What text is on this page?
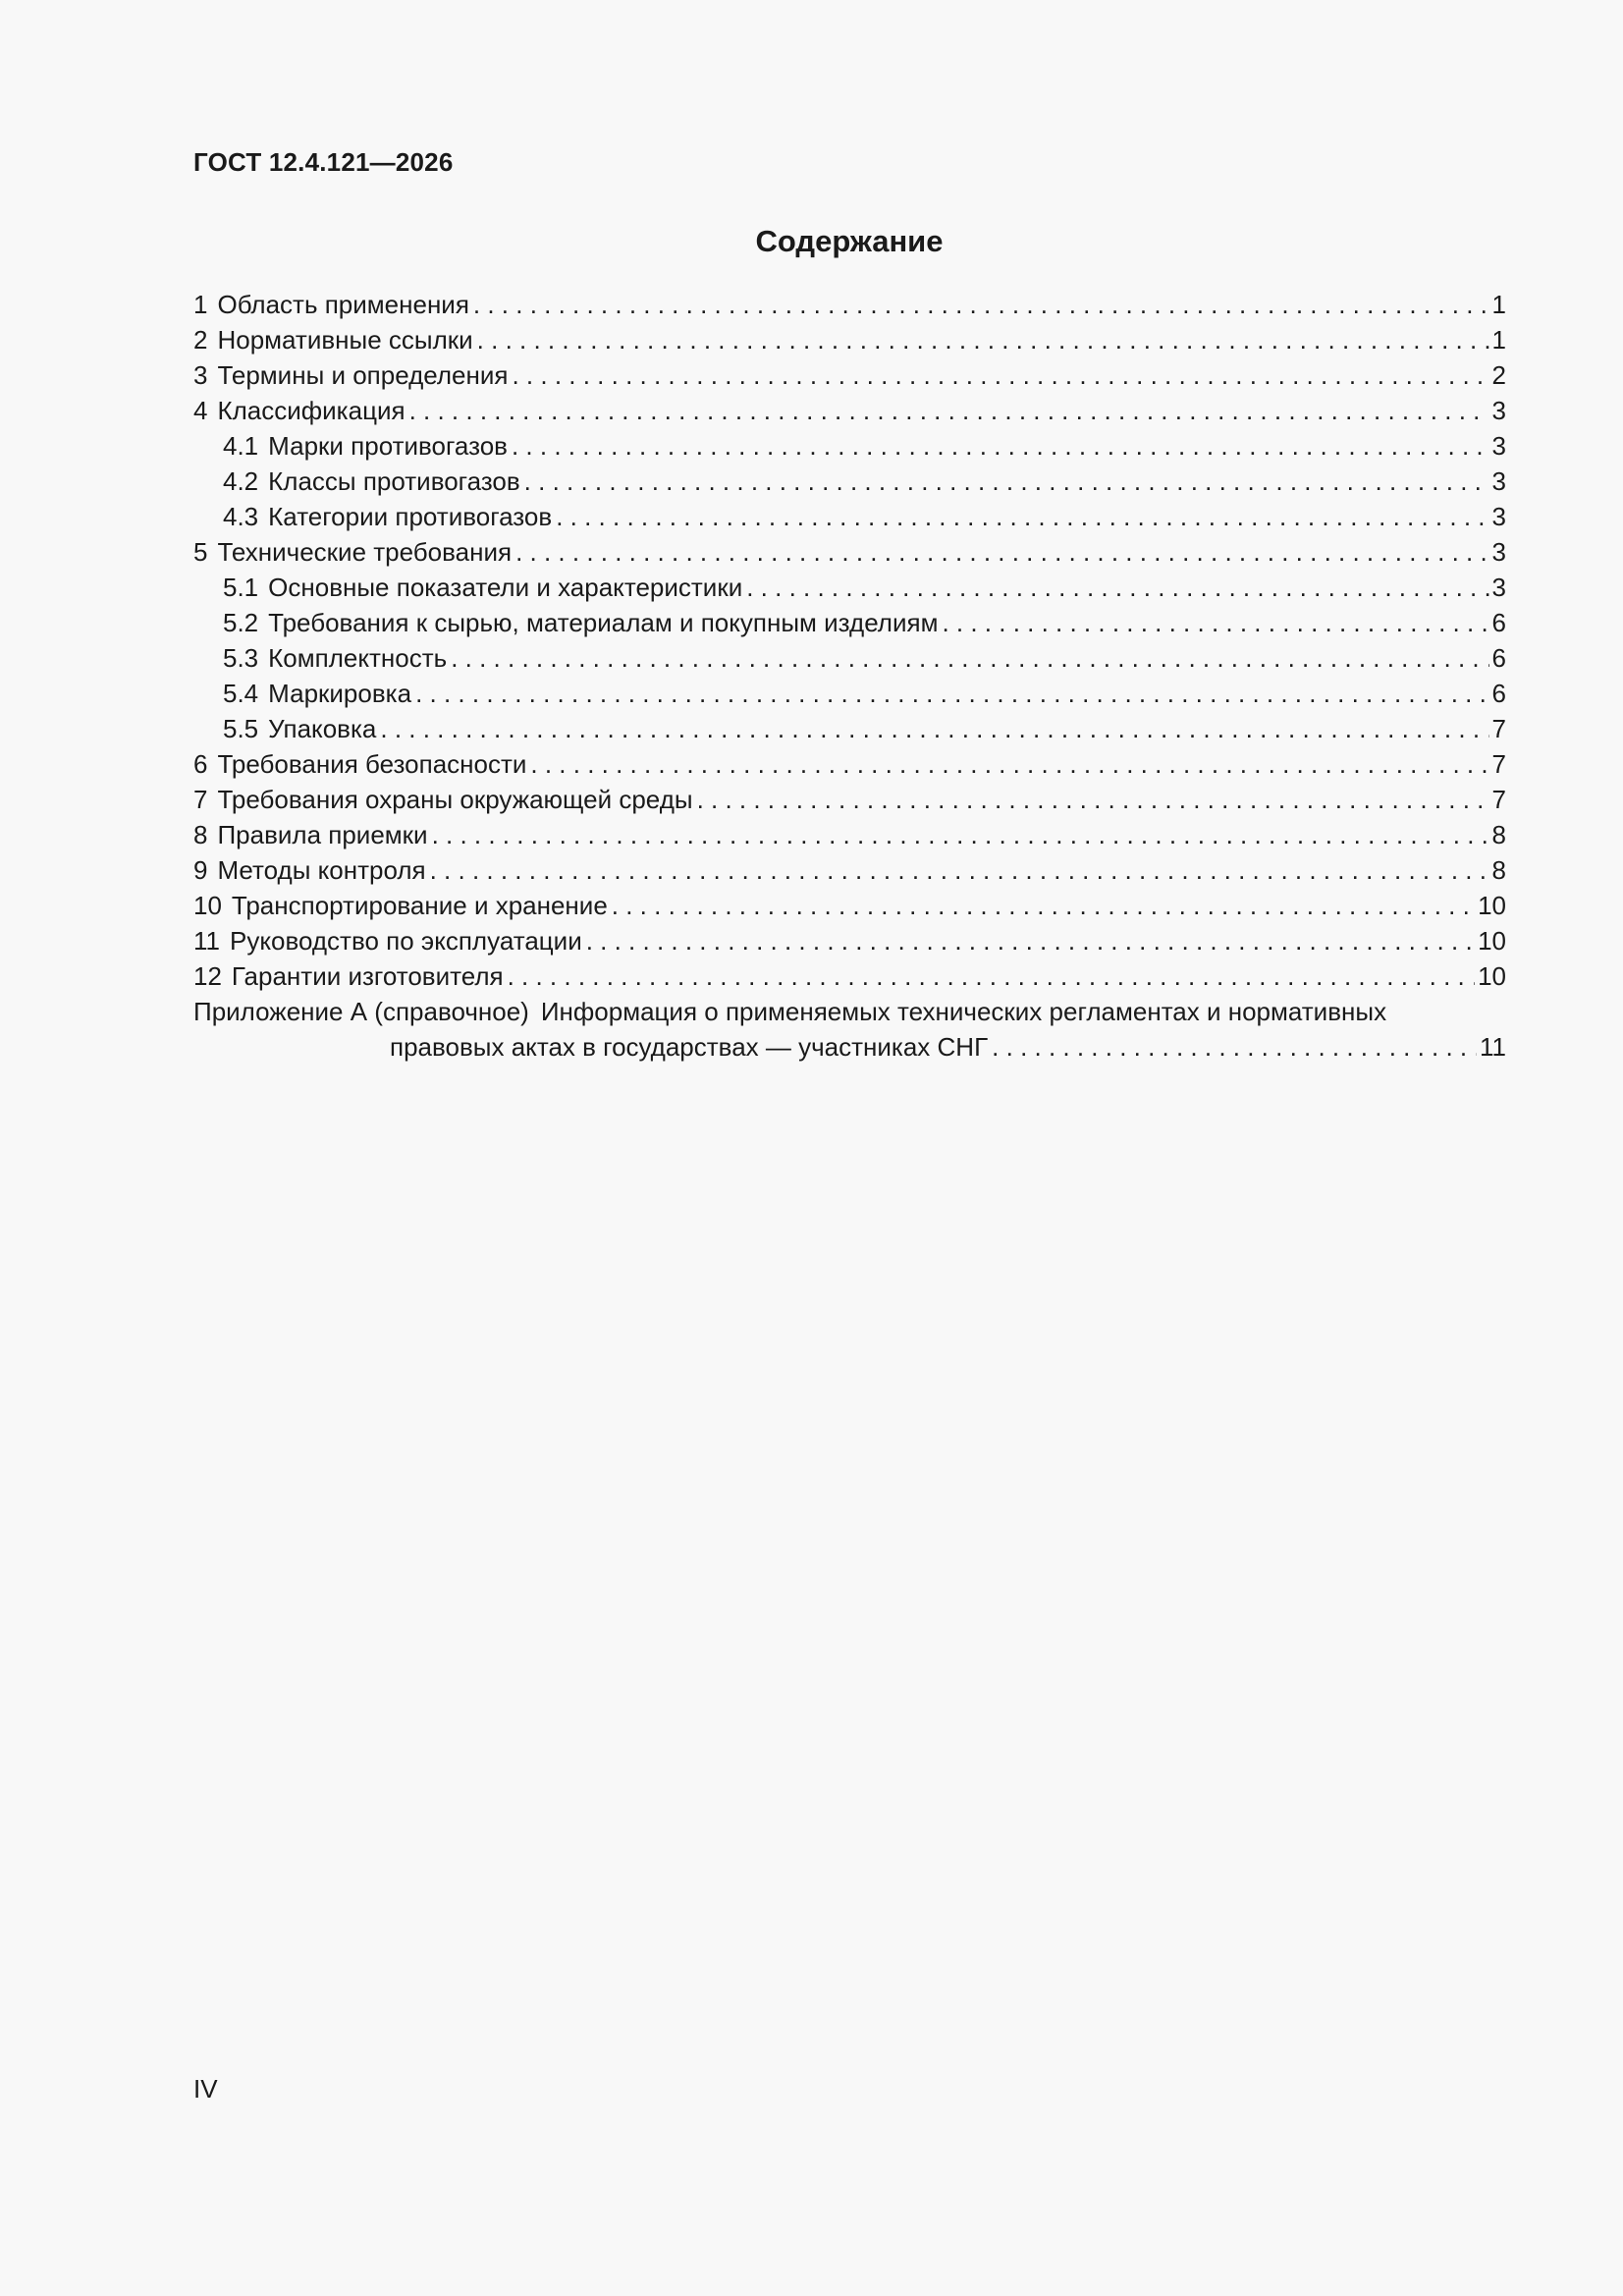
ГОСТ 12.4.121—2026
Содержание
1 Область применения . . .	1
2 Нормативные ссылки . . .	1
3 Термины и определения . . .	2
4 Классификация . . .	3
4.1 Марки противогазов . . .	3
4.2 Классы противогазов . . .	3
4.3 Категории противогазов . . .	3
5 Технические требования . . .	3
5.1 Основные показатели и характеристики . . .	3
5.2 Требования к сырью, материалам и покупным изделиям . . .	6
5.3 Комплектность . . .	6
5.4 Маркировка . . .	6
5.5 Упаковка . . .	7
6 Требования безопасности . . .	7
7 Требования охраны окружающей среды . . .	7
8 Правила приемки . . .	8
9 Методы контроля . . .	8
10 Транспортирование и хранение . . .	10
11 Руководство по эксплуатации . . .	10
12 Гарантии изготовителя . . .	10
Приложение А (справочное) Информация о применяемых технических регламентах и нормативных
правовых актах в государствах — участниках СНГ . . .	11
IV
